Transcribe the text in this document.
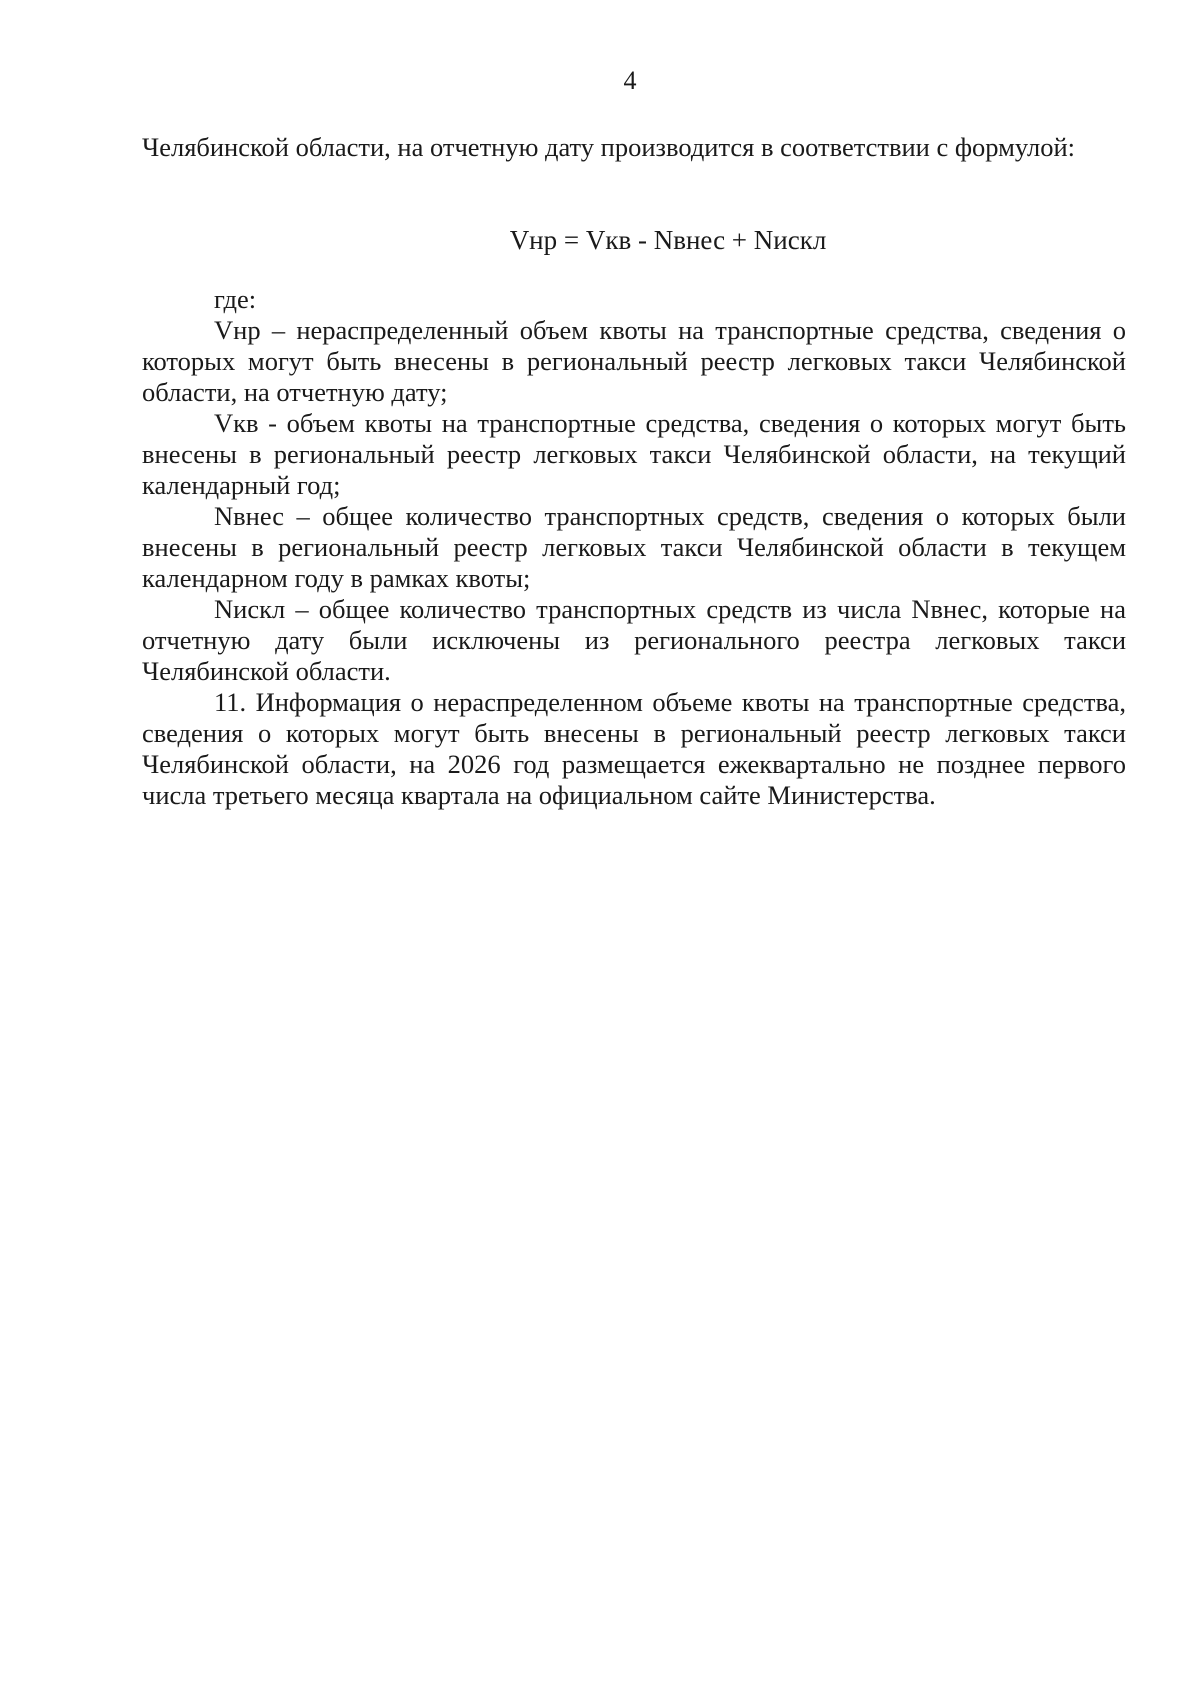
4

Челябинской области, на отчетную дату производится в соответствии с формулой:

Vнр = Vкв - Nвнес + Nискл

где:

Vнр – нераспределенный объем квоты на транспортные средства, сведения о которых могут быть внесены в региональный реестр легковых такси Челябинской области, на отчетную дату;

Vкв - объем квоты на транспортные средства, сведения о которых могут быть внесены в региональный реестр легковых такси Челябинской области, на текущий календарный год;

Nвнес – общее количество транспортных средств, сведения о которых были внесены в региональный реестр легковых такси Челябинской области в текущем календарном году в рамках квоты;

Nискл – общее количество транспортных средств из числа Nвнес, которые на отчетную дату были исключены из регионального реестра легковых такси Челябинской области.

11. Информация о нераспределенном объеме квоты на транспортные средства, сведения о которых могут быть внесены в региональный реестр легковых такси Челябинской области, на 2026 год размещается ежеквартально не позднее первого числа третьего месяца квартала на официальном сайте Министерства.
